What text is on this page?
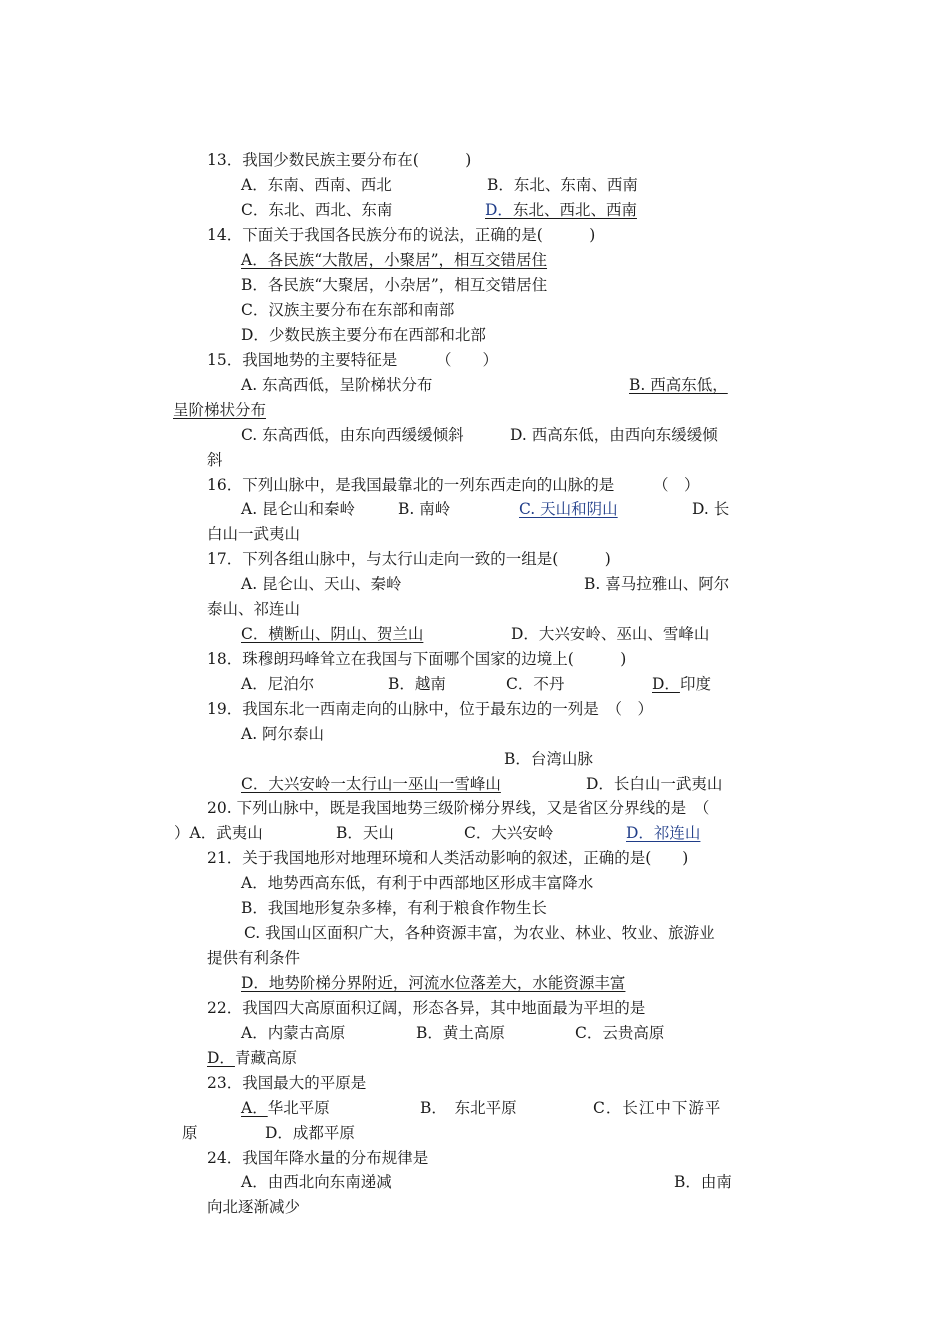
13．我国少数民族主要分布在(　　　)
A．东南、西南、西北	B．东北、东南、西南
C．东北、西北、东南	D．东北、西北、西南
14．下面关于我国各民族分布的说法，正确的是(　　　)
A．各民族“大散居，小聚居”，相互交错居住
B．各民族“大聚居，小杂居”，相互交错居住
C．汉族主要分布在东部和南部
D．少数民族主要分布在西部和北部
15．我国地势的主要特征是　　　（　　）
A. 东高西低，呈阶梯状分布	B. 西高东低，
呈阶梯状分布
C. 东高西低，由东向西缓缓倾斜	D. 西高东低，由西向东缓缓倾
斜
16．下列山脉中，是我国最靠北的一列东西走向的山脉的是　　　（　）
A. 昆仑山和秦岭	B. 南岭	C. 天山和阴山	D. 长
白山一武夷山
17．下列各组山脉中，与太行山走向一致的一组是(　　　)
A. 昆仑山、天山、秦岭	B. 喜马拉雅山、阿尔
泰山、祁连山
C．横断山、阴山、贺兰山	D．大兴安岭、巫山、雪峰山
18．珠穆朗玛峰耸立在我国与下面哪个国家的边境上(　　　)
A．尼泊尔	B．越南	C．不丹	D．印度
19．我国东北一西南走向的山脉中，位于最东边的一列是　（　）
A. 阿尔泰山
B．台湾山脉
C．大兴安岭一太行山一巫山一雪峰山	D．长白山一武夷山
20. 下列山脉中，既是我国地势三级阶梯分界线，又是省区分界线的是　（
）A．武夷山	B．天山	C．大兴安岭	D．祁连山
21．关于我国地形对地理环境和人类活动影响的叙述，正确的是(　　)
A．地势西高东低，有利于中西部地区形成丰富降水
B．我国地形复杂多棒，有利于粮食作物生长
C. 我国山区面积广大，各种资源丰富，为农业、林业、牧业、旅游业
提供有利条件
D．地势阶梯分界附近，河流水位落差大，水能资源丰富
22．我国四大高原面积辽阔，形态各异，其中地面最为平坦的是
A．内蒙古高原	B．黄土高原	C．云贵高原
D．青藏高原
23．我国最大的平原是
A．华北平原	B．　东北平原	C．长江中下游平
原	D．成都平原
24．我国年降水量的分布规律是
A．由西北向东南递减	B．由南
向北逐渐减少
